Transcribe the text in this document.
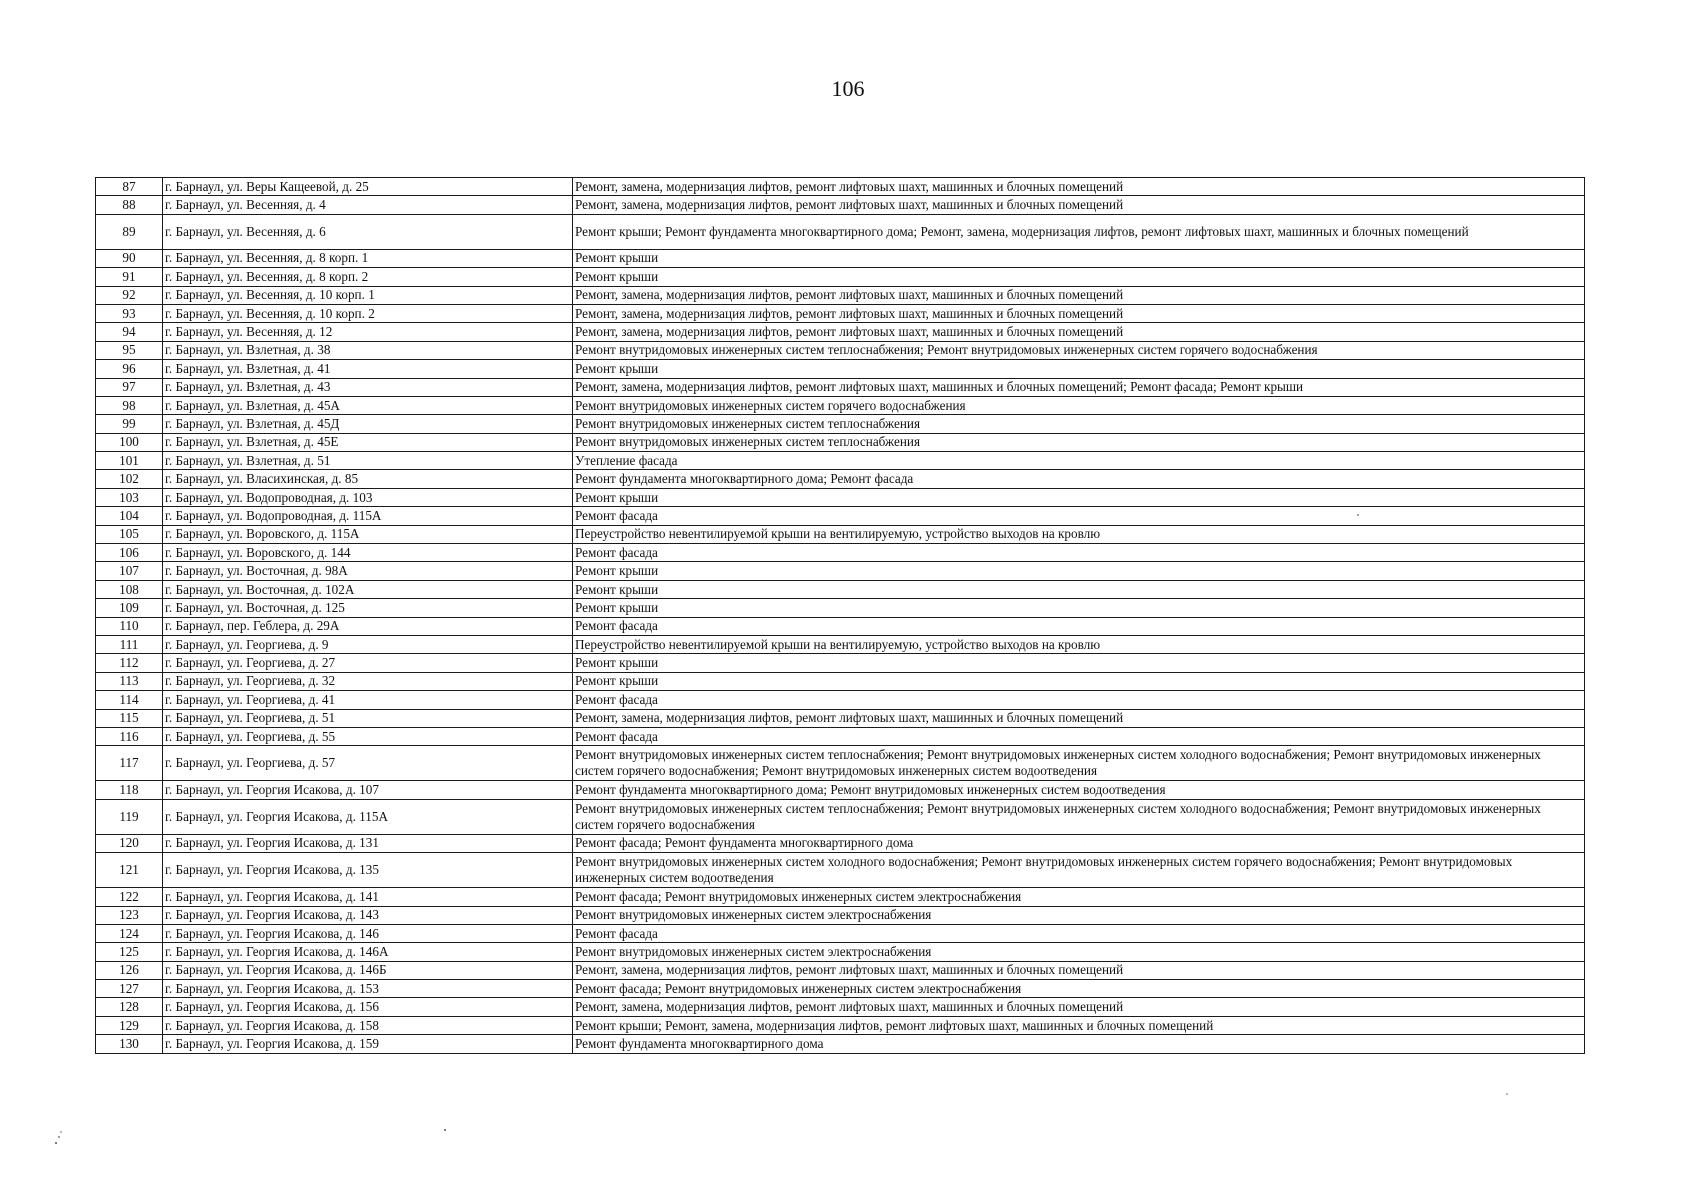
106
87	г. Барнаул, ул. Веры Кащеевой, д. 25	Ремонт, замена, модернизация лифтов, ремонт лифтовых шахт, машинных и блочных помещений
88	г. Барнаул, ул. Весенняя, д. 4	Ремонт, замена, модернизация лифтов, ремонт лифтовых шахт, машинных и блочных помещений
89	г. Барнаул, ул. Весенняя, д. 6	Ремонт крыши; Ремонт фундамента многоквартирного дома; Ремонт, замена, модернизация лифтов, ремонт лифтовых шахт, машинных и блочных помещений
90	г. Барнаул, ул. Весенняя, д. 8 корп. 1	Ремонт крыши
91	г. Барнаул, ул. Весенняя, д. 8 корп. 2	Ремонт крыши
92	г. Барнаул, ул. Весенняя, д. 10 корп. 1	Ремонт, замена, модернизация лифтов, ремонт лифтовых шахт, машинных и блочных помещений
93	г. Барнаул, ул. Весенняя, д. 10 корп. 2	Ремонт, замена, модернизация лифтов, ремонт лифтовых шахт, машинных и блочных помещений
94	г. Барнаул, ул. Весенняя, д. 12	Ремонт, замена, модернизация лифтов, ремонт лифтовых шахт, машинных и блочных помещений
95	г. Барнаул, ул. Взлетная, д. 38	Ремонт внутридомовых инженерных систем теплоснабжения; Ремонт внутридомовых инженерных систем горячего водоснабжения
96	г. Барнаул, ул. Взлетная, д. 41	Ремонт крыши
97	г. Барнаул, ул. Взлетная, д. 43	Ремонт, замена, модернизация лифтов, ремонт лифтовых шахт, машинных и блочных помещений; Ремонт фасада; Ремонт крыши
98	г. Барнаул, ул. Взлетная, д. 45А	Ремонт внутридомовых инженерных систем горячего водоснабжения
99	г. Барнаул, ул. Взлетная, д. 45Д	Ремонт внутридомовых инженерных систем теплоснабжения
100	г. Барнаул, ул. Взлетная, д. 45Е	Ремонт внутридомовых инженерных систем теплоснабжения
101	г. Барнаул, ул. Взлетная, д. 51	Утепление фасада
102	г. Барнаул, ул. Власихинская, д. 85	Ремонт фундамента многоквартирного дома; Ремонт фасада
103	г. Барнаул, ул. Водопроводная, д. 103	Ремонт крыши
104	г. Барнаул, ул. Водопроводная, д. 115А	Ремонт фасада
105	г. Барнаул, ул. Воровского, д. 115А	Переустройство невентилируемой крыши на вентилируемую, устройство выходов на кровлю
106	г. Барнаул, ул. Воровского, д. 144	Ремонт фасада
107	г. Барнаул, ул. Восточная, д. 98А	Ремонт крыши
108	г. Барнаул, ул. Восточная, д. 102А	Ремонт крыши
109	г. Барнаул, ул. Восточная, д. 125	Ремонт крыши
110	г. Барнаул, пер. Геблера, д. 29А	Ремонт фасада
111	г. Барнаул, ул. Георгиева, д. 9	Переустройство невентилируемой крыши на вентилируемую, устройство выходов на кровлю
112	г. Барнаул, ул. Георгиева, д. 27	Ремонт крыши
113	г. Барнаул, ул. Георгиева, д. 32	Ремонт крыши
114	г. Барнаул, ул. Георгиева, д. 41	Ремонт фасада
115	г. Барнаул, ул. Георгиева, д. 51	Ремонт, замена, модернизация лифтов, ремонт лифтовых шахт, машинных и блочных помещений
116	г. Барнаул, ул. Георгиева, д. 55	Ремонт фасада
117	г. Барнаул, ул. Георгиева, д. 57	Ремонт внутридомовых инженерных систем теплоснабжения; Ремонт внутридомовых инженерных систем холодного водоснабжения; Ремонт внутридомовых инженерных систем горячего водоснабжения; Ремонт внутридомовых инженерных систем водоотведения
118	г. Барнаул, ул. Георгия Исакова, д. 107	Ремонт фундамента многоквартирного дома; Ремонт внутридомовых инженерных систем водоотведения
119	г. Барнаул, ул. Георгия Исакова, д. 115А	Ремонт внутридомовых инженерных систем теплоснабжения; Ремонт внутридомовых инженерных систем холодного водоснабжения; Ремонт внутридомовых инженерных систем горячего водоснабжения
120	г. Барнаул, ул. Георгия Исакова, д. 131	Ремонт фасада; Ремонт фундамента многоквартирного дома
121	г. Барнаул, ул. Георгия Исакова, д. 135	Ремонт внутридомовых инженерных систем холодного водоснабжения; Ремонт внутридомовых инженерных систем горячего водоснабжения; Ремонт внутридомовых инженерных систем водоотведения
122	г. Барнаул, ул. Георгия Исакова, д. 141	Ремонт фасада; Ремонт внутридомовых инженерных систем электроснабжения
123	г. Барнаул, ул. Георгия Исакова, д. 143	Ремонт внутридомовых инженерных систем электроснабжения
124	г. Барнаул, ул. Георгия Исакова, д. 146	Ремонт фасада
125	г. Барнаул, ул. Георгия Исакова, д. 146А	Ремонт внутридомовых инженерных систем электроснабжения
126	г. Барнаул, ул. Георгия Исакова, д. 146Б	Ремонт, замена, модернизация лифтов, ремонт лифтовых шахт, машинных и блочных помещений
127	г. Барнаул, ул. Георгия Исакова, д. 153	Ремонт фасада; Ремонт внутридомовых инженерных систем электроснабжения
128	г. Барнаул, ул. Георгия Исакова, д. 156	Ремонт, замена, модернизация лифтов, ремонт лифтовых шахт, машинных и блочных помещений
129	г. Барнаул, ул. Георгия Исакова, д. 158	Ремонт крыши; Ремонт, замена, модернизация лифтов, ремонт лифтовых шахт, машинных и блочных помещений
130	г. Барнаул, ул. Георгия Исакова, д. 159	Ремонт фундамента многоквартирного дома
